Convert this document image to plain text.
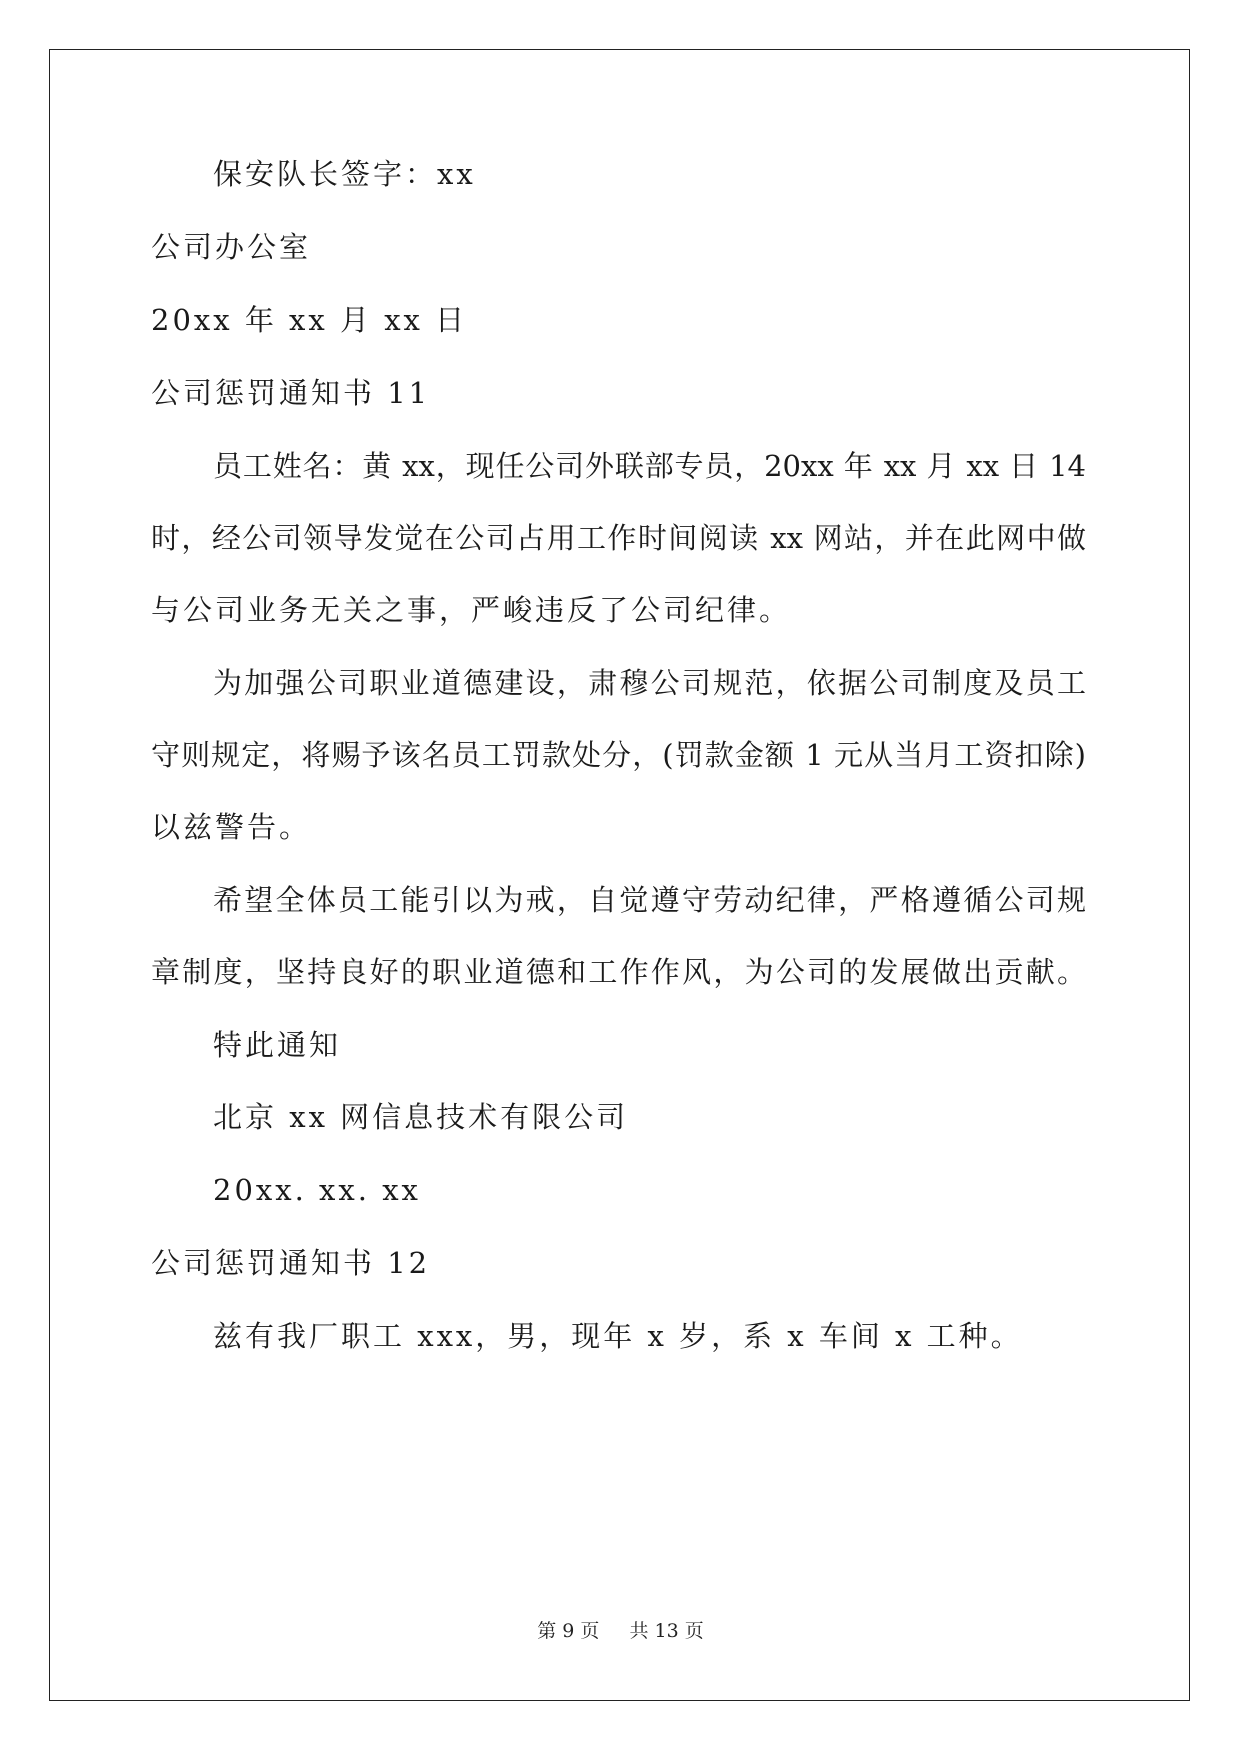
保安队长签字：xx
公司办公室
20xx 年 xx 月 xx 日
公司惩罚通知书 11
员工姓名：黄 xx，现任公司外联部专员，20xx 年 xx 月 xx 日 14
时，经公司领导发觉在公司占用工作时间阅读 xx 网站，并在此网中做
与公司业务无关之事，严峻违反了公司纪律。
为加强公司职业道德建设，肃穆公司规范，依据公司制度及员工
守则规定，将赐予该名员工罚款处分，(罚款金额 1 元从当月工资扣除)
以兹警告。
希望全体员工能引以为戒，自觉遵守劳动纪律，严格遵循公司规
章制度，坚持良好的职业道德和工作作风，为公司的发展做出贡献。
特此通知
北京 xx 网信息技术有限公司
20xx. xx. xx
公司惩罚通知书 12
兹有我厂职工 xxx，男，现年 x 岁，系 x 车间 x 工种。
第 9 页 共 13 页
